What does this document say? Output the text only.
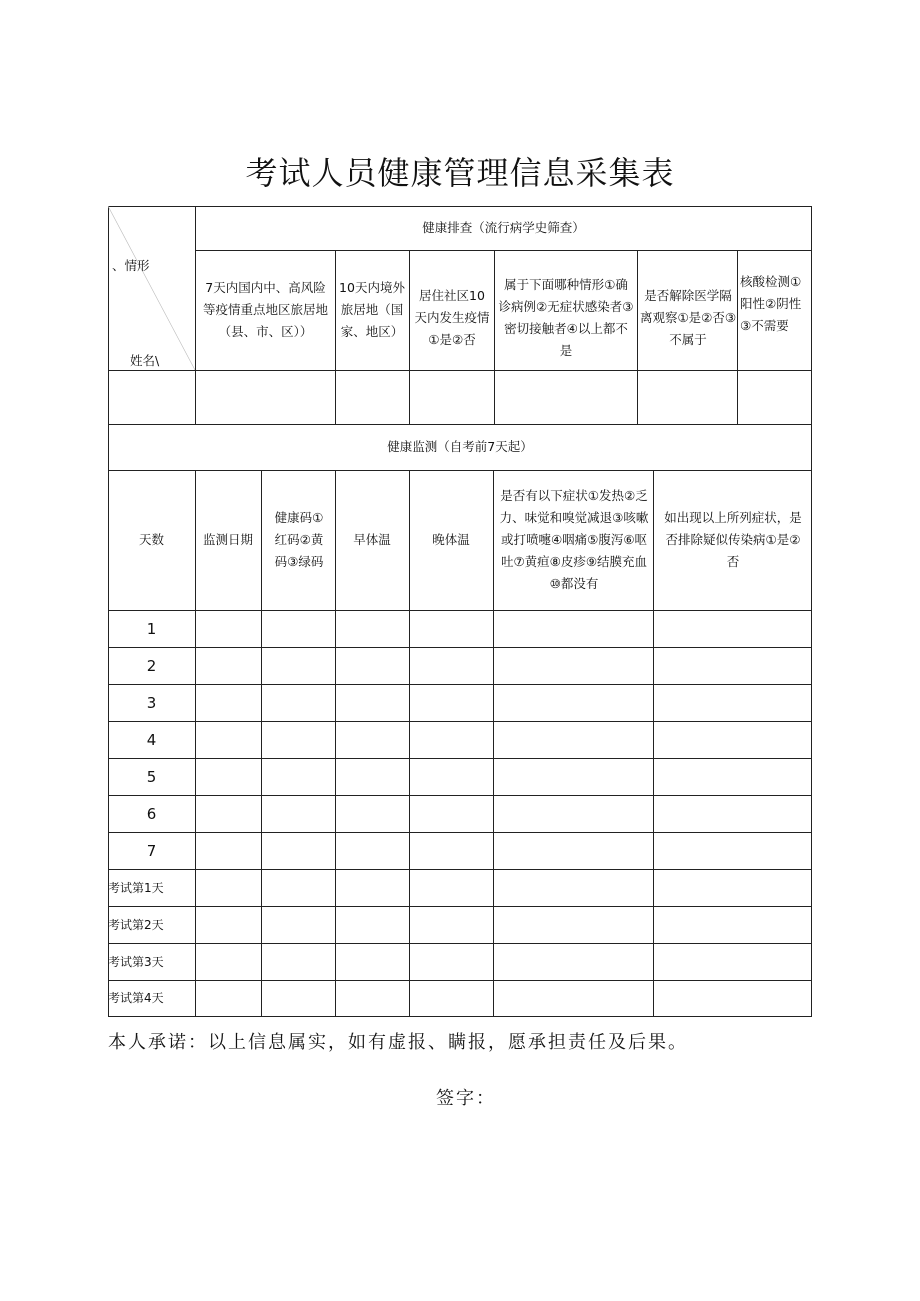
考试人员健康管理信息采集表
健康排查（流行病学史筛查）
、情形
姓名\
7天内国内中、高风险等疫情重点地区旅居地（县、市、区））
10天内境外旅居地（国家、地区）
居住社区10天内发生疫情①是②否
属于下面哪种情形①确诊病例②无症状感染者③密切接触者④以上都不是
是否解除医学隔离观察①是②否③不属于
核酸检测①阳性②阴性③不需要
健康监测（自考前7天起）
天数	监测日期
健康码①红码②黄码③绿码
早体温	晚体温
是否有以下症状①发热②乏力、味觉和嗅觉减退③咳嗽或打喷嚏④咽痛⑤腹泻⑥呕吐⑦黄疸⑧皮疹⑨结膜充血⑩都没有
如出现以上所列症状，是否排除疑似传染病①是②否
1
2
3
4
5
6
7
考试第1天
考试第2天
考试第3天
考试第4天
本人承诺：以上信息属实，如有虚报、瞒报，愿承担责任及后果。
签字：
